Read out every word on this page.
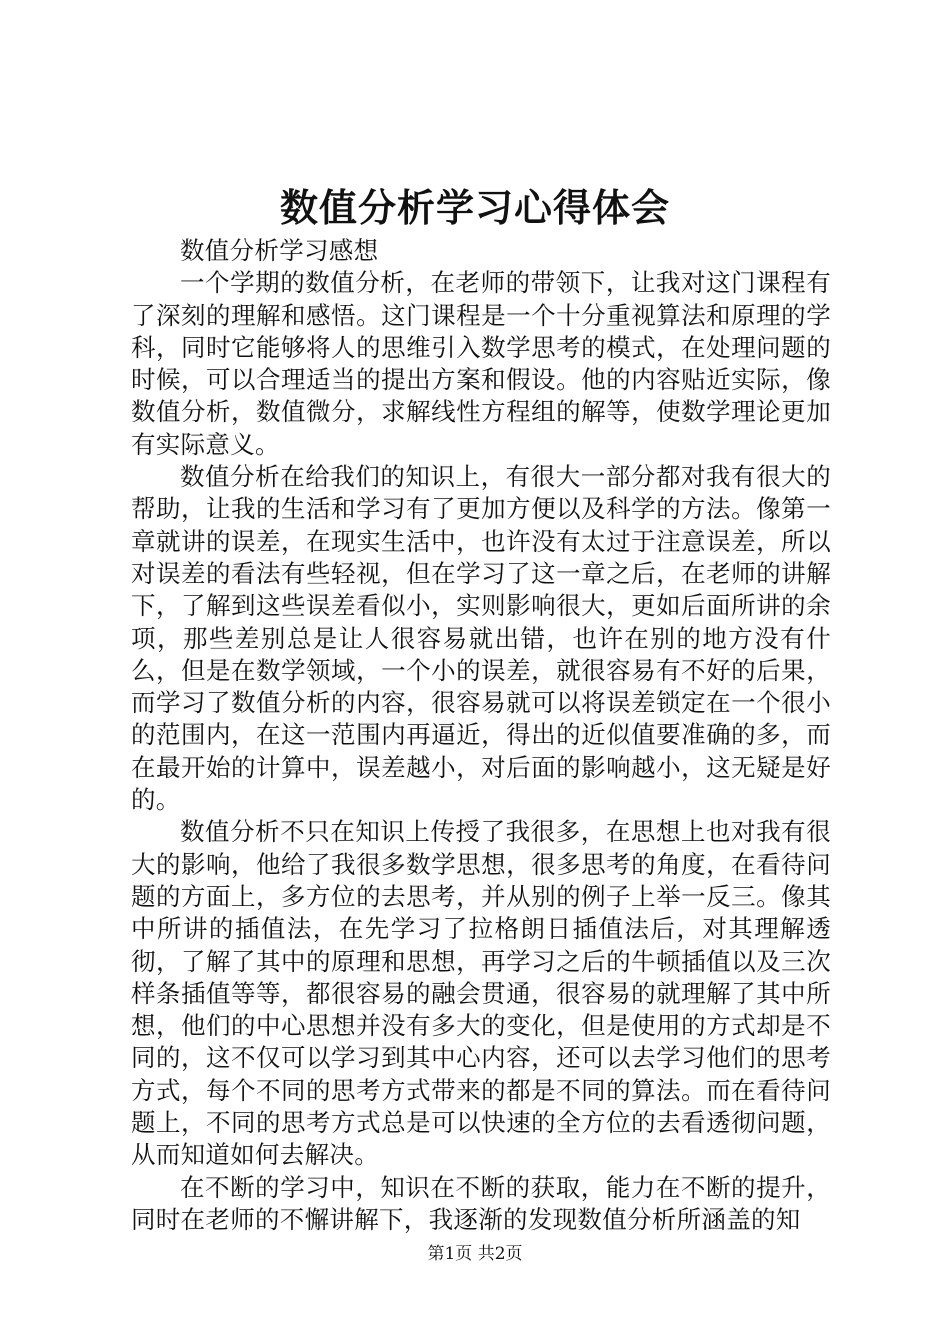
数值分析学习心得体会

数值分析学习感想

一个学期的数值分析，在老师的带领下，让我对这门课程有了深刻的理解和感悟。这门课程是一个十分重视算法和原理的学科，同时它能够将人的思维引入数学思考的模式，在处理问题的时候，可以合理适当的提出方案和假设。他的内容贴近实际，像数值分析，数值微分，求解线性方程组的解等，使数学理论更加有实际意义。

数值分析在给我们的知识上，有很大一部分都对我有很大的帮助，让我的生活和学习有了更加方便以及科学的方法。像第一章就讲的误差，在现实生活中，也许没有太过于注意误差，所以对误差的看法有些轻视，但在学习了这一章之后，在老师的讲解下，了解到这些误差看似小，实则影响很大，更如后面所讲的余项，那些差别总是让人很容易就出错，也许在别的地方没有什么，但是在数学领域，一个小的误差，就很容易有不好的后果，而学习了数值分析的内容，很容易就可以将误差锁定在一个很小的范围内，在这一范围内再逼近，得出的近似值要准确的多，而在最开始的计算中，误差越小，对后面的影响越小，这无疑是好的。

数值分析不只在知识上传授了我很多，在思想上也对我有很大的影响，他给了我很多数学思想，很多思考的角度，在看待问题的方面上，多方位的去思考，并从别的例子上举一反三。像其中所讲的插值法，在先学习了拉格朗日插值法后，对其理解透彻，了解了其中的原理和思想，再学习之后的牛顿插值以及三次样条插值等等，都很容易的融会贯通，很容易的就理解了其中所想，他们的中心思想并没有多大的变化，但是使用的方式却是不同的，这不仅可以学习到其中心内容，还可以去学习他们的思考方式，每个不同的思考方式带来的都是不同的算法。而在看待问题上，不同的思考方式总是可以快速的全方位的去看透彻问题，从而知道如何去解决。

在不断的学习中，知识在不断的获取，能力在不断的提升，同时在老师的不懈讲解下，我逐渐的发现数值分析所涵盖的知

第1页 共2页
